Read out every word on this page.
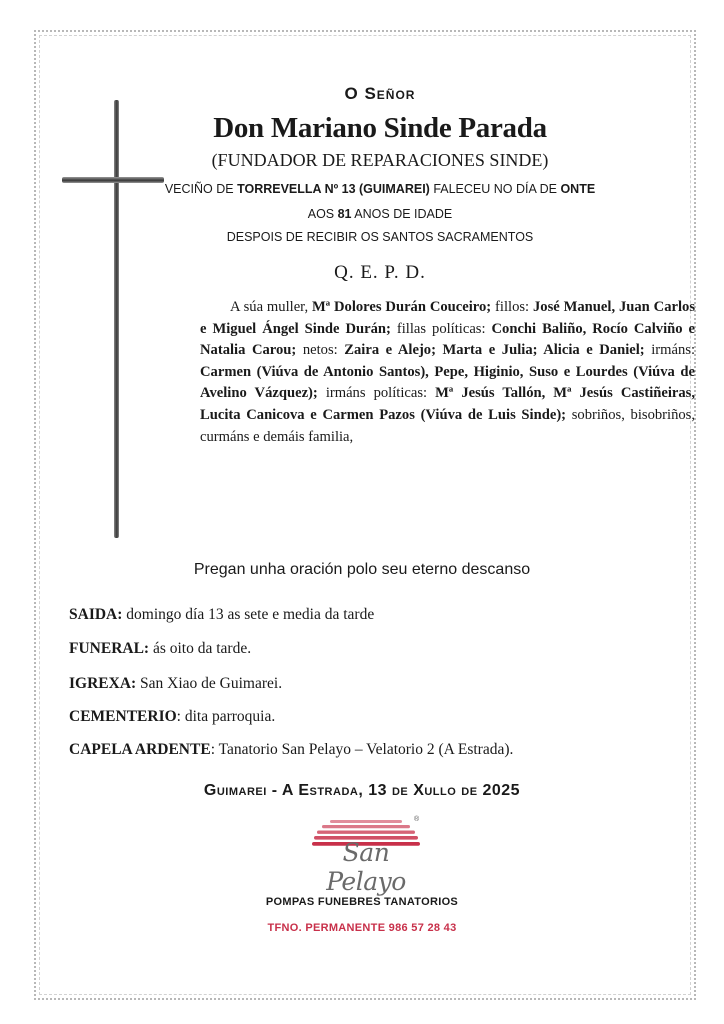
O Señor
Don Mariano Sinde Parada
(FUNDADOR DE REPARACIONES SINDE)
VECIÑO DE TORREVELLA Nº 13 (GUIMAREI) FALECEU NO DÍA DE ONTE
AOS 81 ANOS DE IDADE
DESPOIS DE RECIBIR OS SANTOS SACRAMENTOS
Q. E. P. D.
A súa muller, Mª Dolores Durán Couceiro; fillos: José Manuel, Juan Carlos e Miguel Ángel Sinde Durán; fillas políticas: Conchi Baliño, Rocío Calviño e Natalia Carou; netos: Zaira e Alejo; Marta e Julia; Alicia e Daniel; irmáns: Carmen (Viúva de Antonio Santos), Pepe, Higinio, Suso e Lourdes (Viúva de Avelino Vázquez); irmáns políticas: Mª Jesús Tallón, Mª Jesús Castiñeiras, Lucita Canicova e Carmen Pazos (Viúva de Luis Sinde); sobriños, bisobriños, curmáns e demáis familia,
Pregan unha oración polo seu eterno descanso
SAIDA: domingo día 13 as sete e media da tarde
FUNERAL: ás oito da tarde.
IGREXA: San Xiao de Guimarei.
CEMENTERIO: dita parroquia.
CAPELA ARDENTE: Tanatorio San Pelayo – Velatorio 2 (A Estrada).
Guimarei - A Estrada, 13 de Xullo de 2025
San Pelayo
®
POMPAS FUNEBRES TANATORIOS
TFNO. PERMANENTE 986 57 28 43
